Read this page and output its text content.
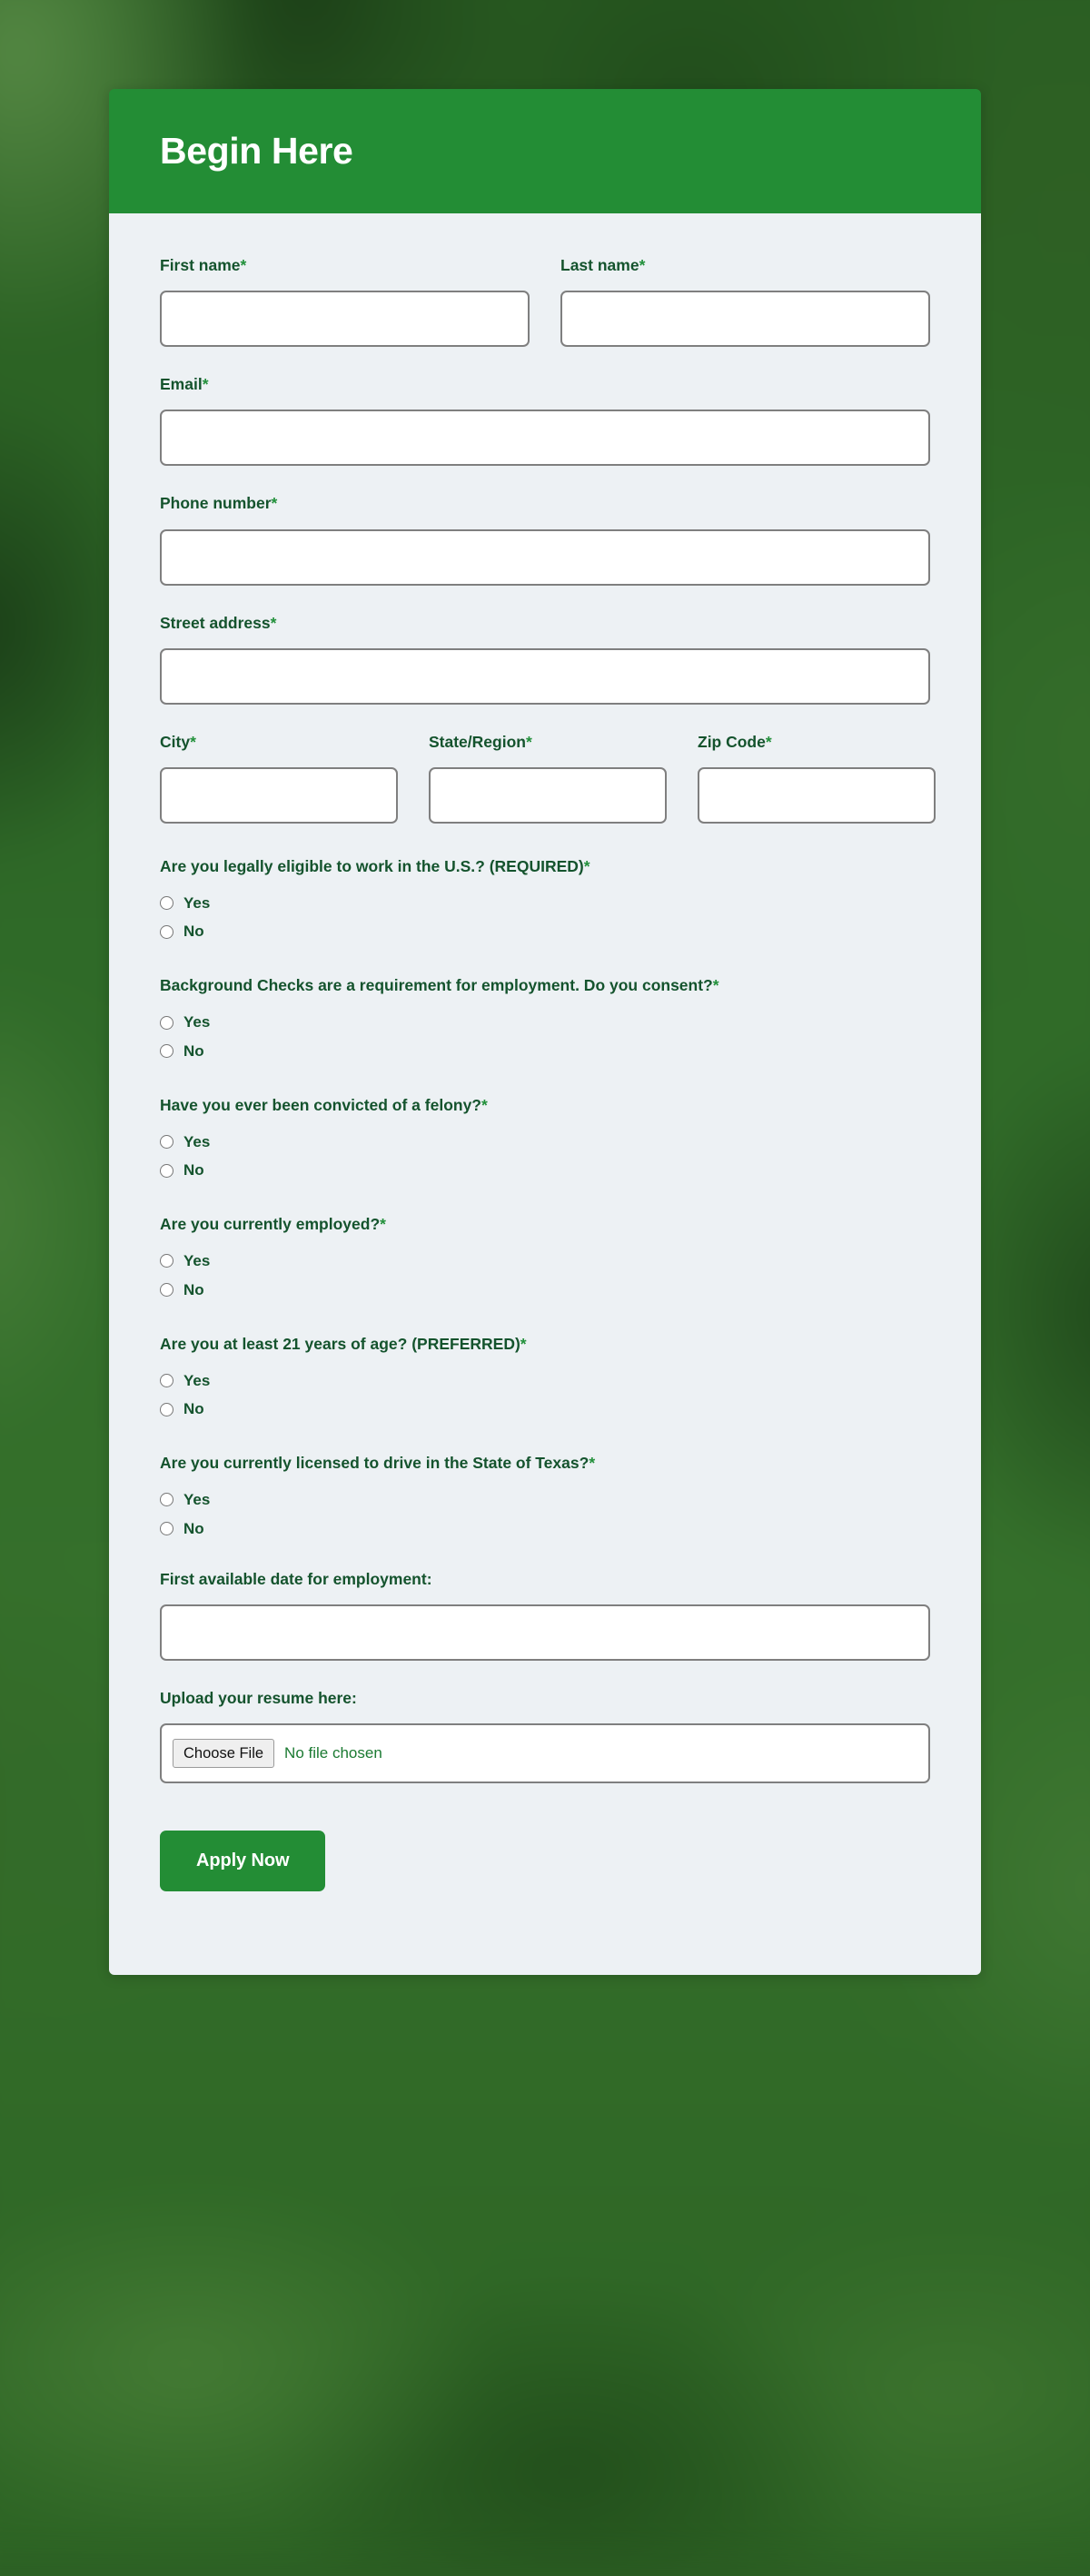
Begin Here
First name*	Last name*
Email*
Phone number*
Street address*
City*	State/Region*	Zip Code*
Are you legally eligible to work in the U.S.? (REQUIRED)*
Yes
No
Background Checks are a requirement for employment. Do you consent?*
Yes
No
Have you ever been convicted of a felony?*
Yes
No
Are you currently employed?*
Yes
No
Are you at least 21 years of age? (PREFERRED)*
Yes
No
Are you currently licensed to drive in the State of Texas?*
Yes
No
First available date for employment:
Upload your resume here:
Choose File	No file chosen
Apply Now
